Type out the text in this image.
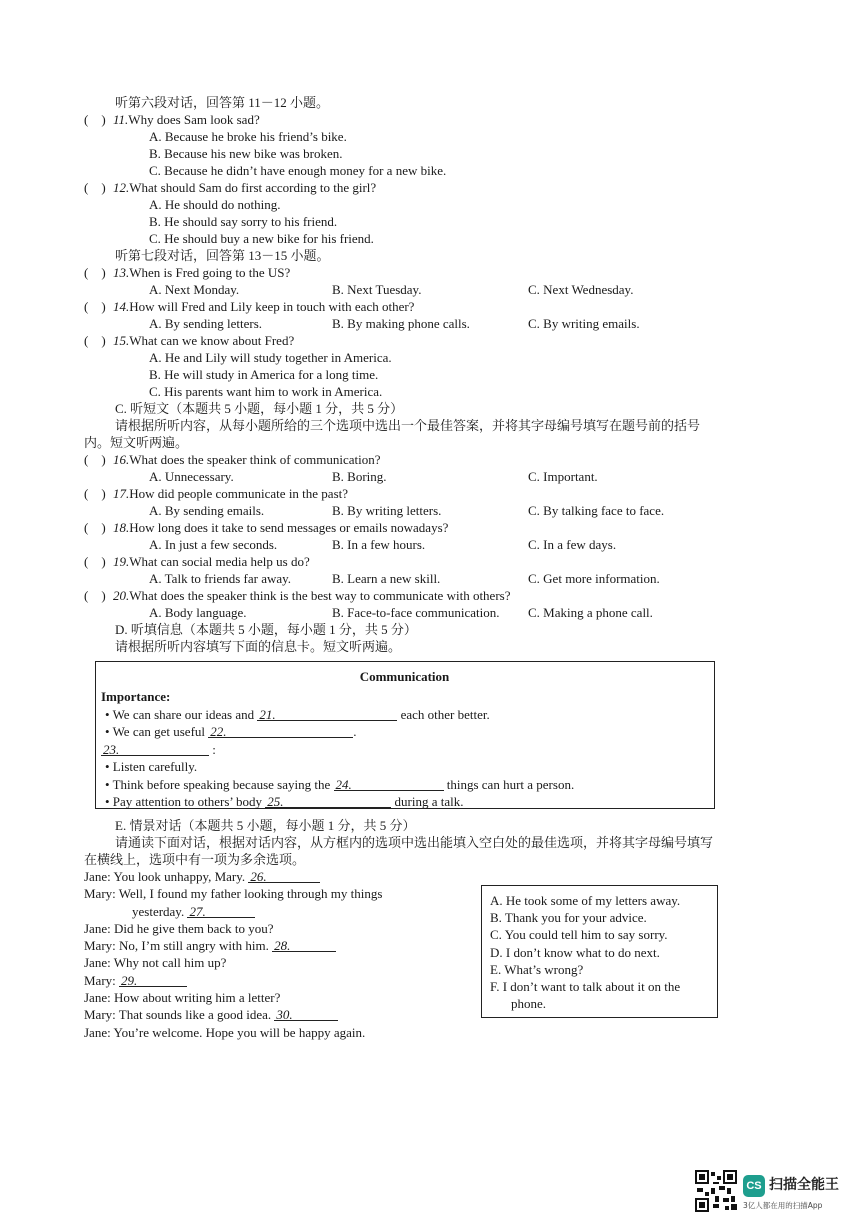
听第六段对话，回答第 11－12 小题。
(　) 11. Why does Sam look sad?
A. Because he broke his friend’s bike.
B. Because his new bike was broken.
C. Because he didn’t have enough money for a new bike.
(　) 12. What should Sam do first according to the girl?
A. He should do nothing.
B. He should say sorry to his friend.
C. He should buy a new bike for his friend.
听第七段对话，回答第 13－15 小题。
(　) 13. When is Fred going to the US?
A. Next Monday.	B. Next Tuesday.	C. Next Wednesday.
(　) 14. How will Fred and Lily keep in touch with each other?
A. By sending letters.	B. By making phone calls.	C. By writing emails.
(　) 15. What can we know about Fred?
A. He and Lily will study together in America.
B. He will study in America for a long time.
C. His parents want him to work in America.
C. 听短文（本题共 5 小题，每小题 1 分，共 5 分）
请根据所听内容，从每小题所给的三个选项中选出一个最佳答案，并将其字母编号填写在题号前的括号内。短文听两遍。
(　) 16. What does the speaker think of communication?
A. Unnecessary.	B. Boring.	C. Important.
(　) 17. How did people communicate in the past?
A. By sending emails.	B. By writing letters.	C. By talking face to face.
(　) 18. How long does it take to send messages or emails nowadays?
A. In just a few seconds.	B. In a few hours.	C. In a few days.
(　) 19. What can social media help us do?
A. Talk to friends far away.	B. Learn a new skill.	C. Get more information.
(　) 20. What does the speaker think is the best way to communicate with others?
A. Body language.	B. Face-to-face communication.	C. Making a phone call.
D. 听填信息（本题共 5 小题，每小题 1 分，共 5 分）
请根据所听内容填写下面的信息卡。短文听两遍。
Communication
Importance:
• We can share our ideas and 21.	each other better.
• We can get useful 22.	.
23.	:
• Listen carefully.
• Think before speaking because saying the 24.	things can hurt a person.
• Pay attention to others’ body 25.	during a talk.
E. 情景对话（本题共 5 小题，每小题 1 分，共 5 分）
请通读下面对话，根据对话内容，从方框内的选项中选出能填入空白处的最佳选项，并将其字母编号填写在横线上，选项中有一项为多余选项。
Jane: You look unhappy, Mary. 26.
Mary: Well, I found my father looking through my things
yesterday. 27.
Jane: Did he give them back to you?
Mary: No, I’m still angry with him. 28.
Jane: Why not call him up?
Mary: 29.
Jane: How about writing him a letter?
Mary: That sounds like a good idea. 30.
Jane: You’re welcome. Hope you will be happy again.
A. He took some of my letters away.
B. Thank you for your advice.
C. You could tell him to say sorry.
D. I don’t know what to do next.
E. What’s wrong?
F. I don’t want to talk about it on the
phone.
CS 扫描全能王
3亿人都在用的扫描App
